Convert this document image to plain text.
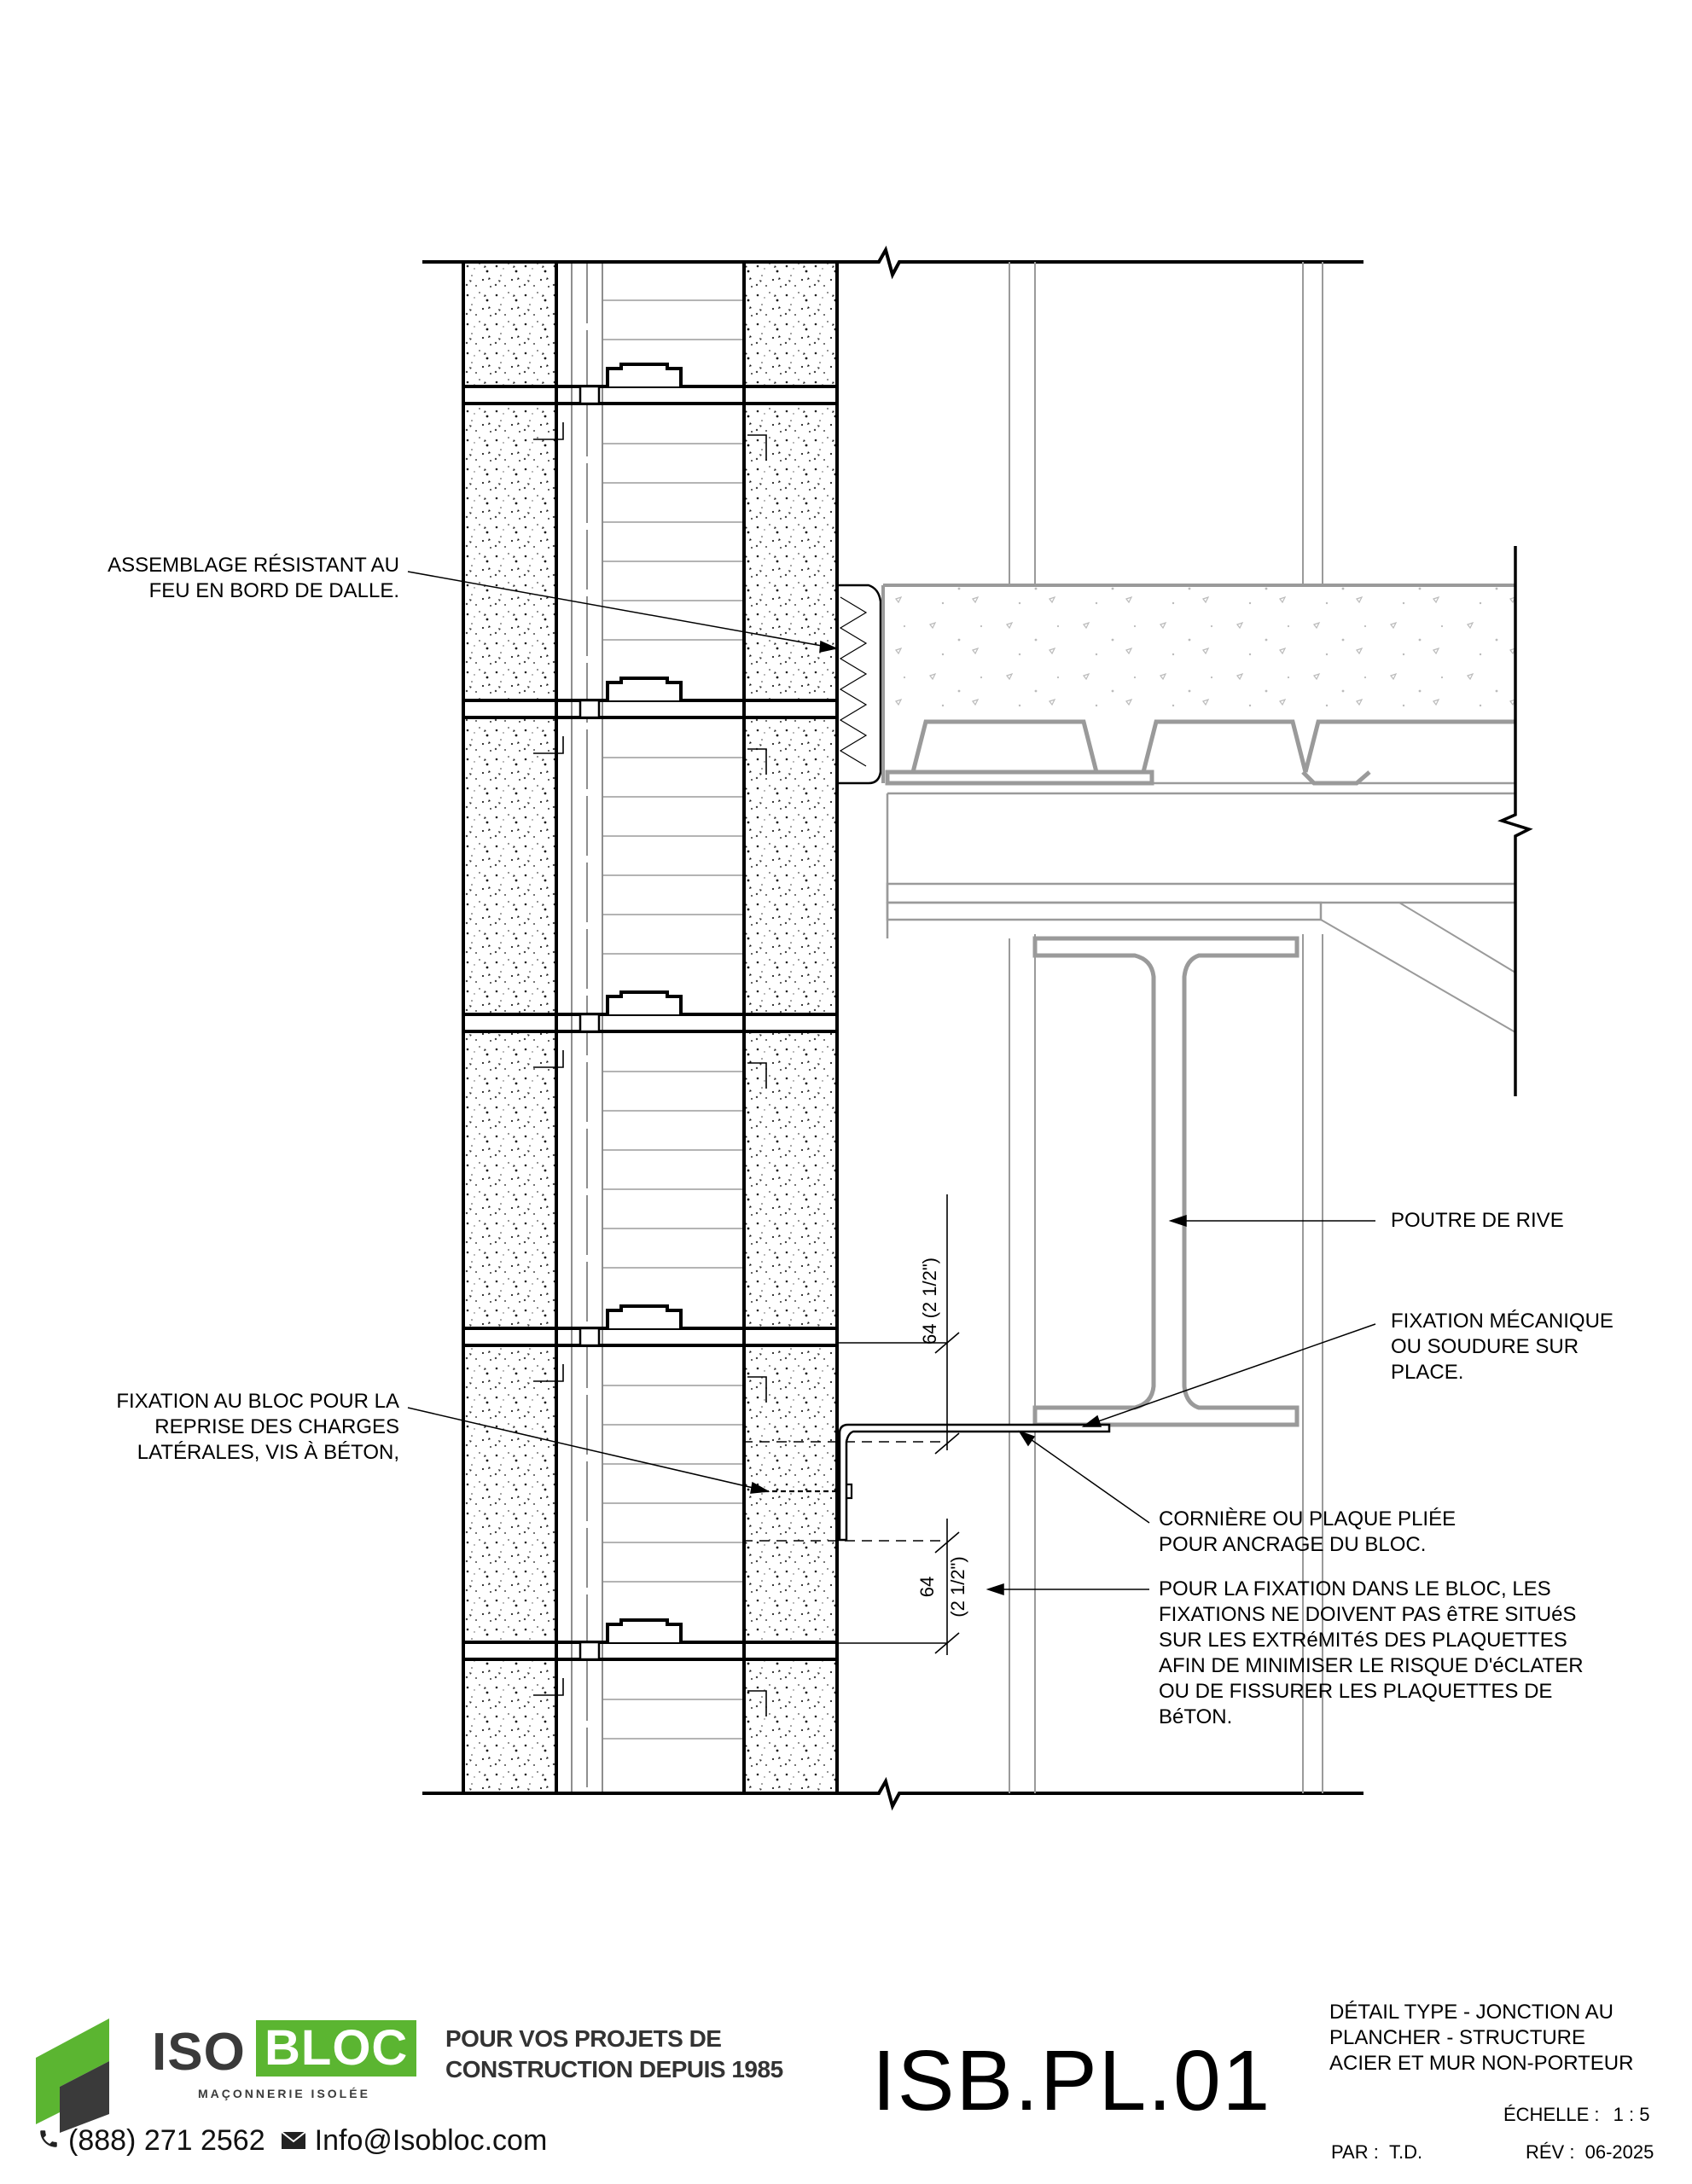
64 (2 1/2")
64 (2 1/2")
ASSEMBLAGE RÉSISTANT AU
FEU EN BORD DE DALLE.
FIXATION AU BLOC POUR LA
REPRISE DES CHARGES
LATÉRALES, VIS À BÉTON,
POUTRE DE RIVE
FIXATION MÉCANIQUE
OU SOUDURE SUR
PLACE.
CORNIÈRE OU PLAQUE PLIÉE
POUR ANCRAGE DU BLOC.
POUR LA FIXATION DANS LE BLOC, LES
FIXATIONS NE DOIVENT PAS êTRE SITUéS
SUR LES EXTRéMITéS DES PLAQUETTES
AFIN DE MINIMISER LE RISQUE D'éCLATER
OU DE FISSURER LES PLAQUETTES DE
BéTON.
ISO BLOC
MAÇONNERIE ISOLÉE
POUR VOS PROJETS DE
CONSTRUCTION DEPUIS 1985
(888) 271 2562 Info@Isobloc.com
ISB.PL.01
DÉTAIL TYPE - JONCTION AU
PLANCHER - STRUCTURE
ACIER ET MUR NON-PORTEUR
ÉCHELLE : 1 : 5
PAR : T.D.	RÉV : 06-2025
